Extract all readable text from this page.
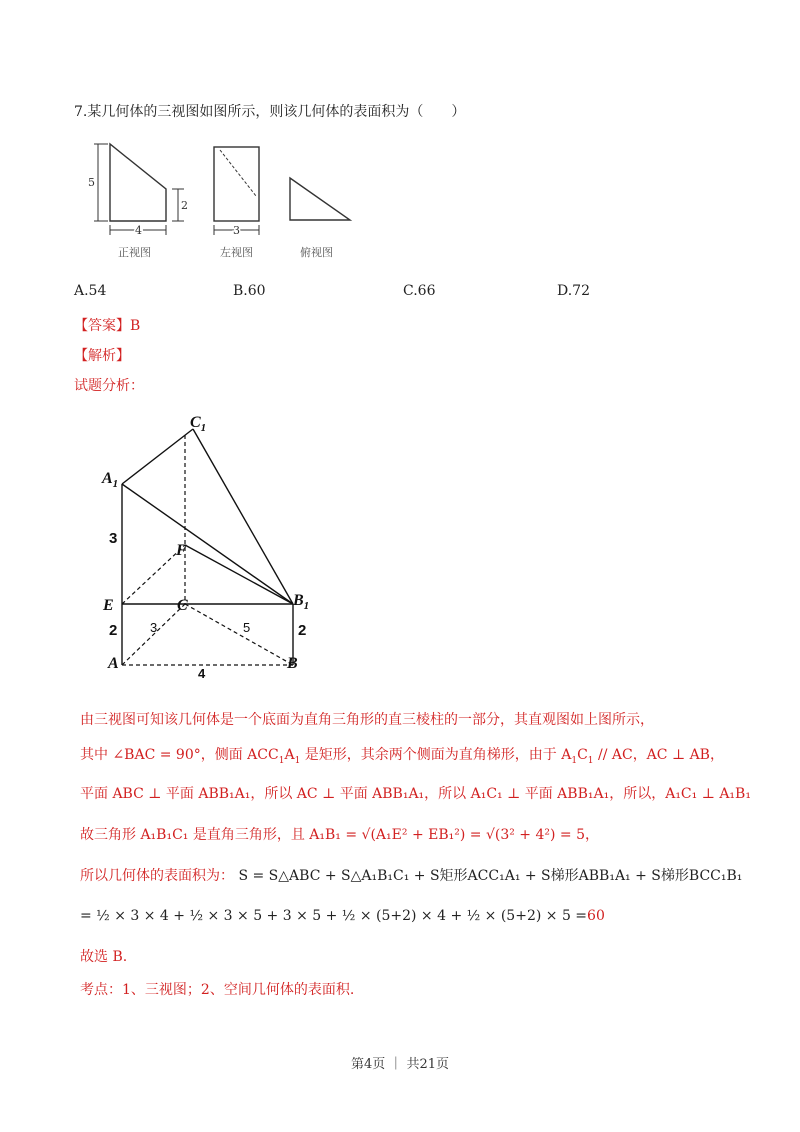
7.某几何体的三视图如图所示，则该几何体的表面积为（　　）
5
2
4
正视图
3
左视图	俯视图
A.54	B.60	C.66	D.72
【答案】B
【解析】
试题分析：
$C_1$
$A_1$
F
E	C	$B_1$
A	B
3
2	2
3	5
4
由三视图可知该几何体是一个底面为直角三角形的直三棱柱的一部分，其直观图如上图所示，
其中 ∠BAC = 90°，侧面 $ACC_1A_1$ 是矩形，其余两个侧面为直角梯形，由于 $A_1C_1$ // AC，AC ⊥ AB，
平面 ABC ⊥ 平面 ABB₁A₁，所以 AC ⊥ 平面 ABB₁A₁，所以 A₁C₁ ⊥ 平面 ABB₁A₁，所以，A₁C₁ ⊥ A₁B₁
故三角形 A₁B₁C₁ 是直角三角形，且 A₁B₁ = √(A₁E² + EB₁²) = √(3² + 4²) = 5，
所以几何体的表面积为： S = S△ABC + S△A₁B₁C₁ + S矩形ACC₁A₁ + S梯形ABB₁A₁ + S梯形BCC₁B₁
= ½ × 3 × 4 + ½ × 3 × 5 + 3 × 5 + ½ × (5+2) × 4 + ½ × (5+2) × 5 =60
故选 B.
考点：1、三视图；2、空间几何体的表面积.
第4页 ｜ 共21页
